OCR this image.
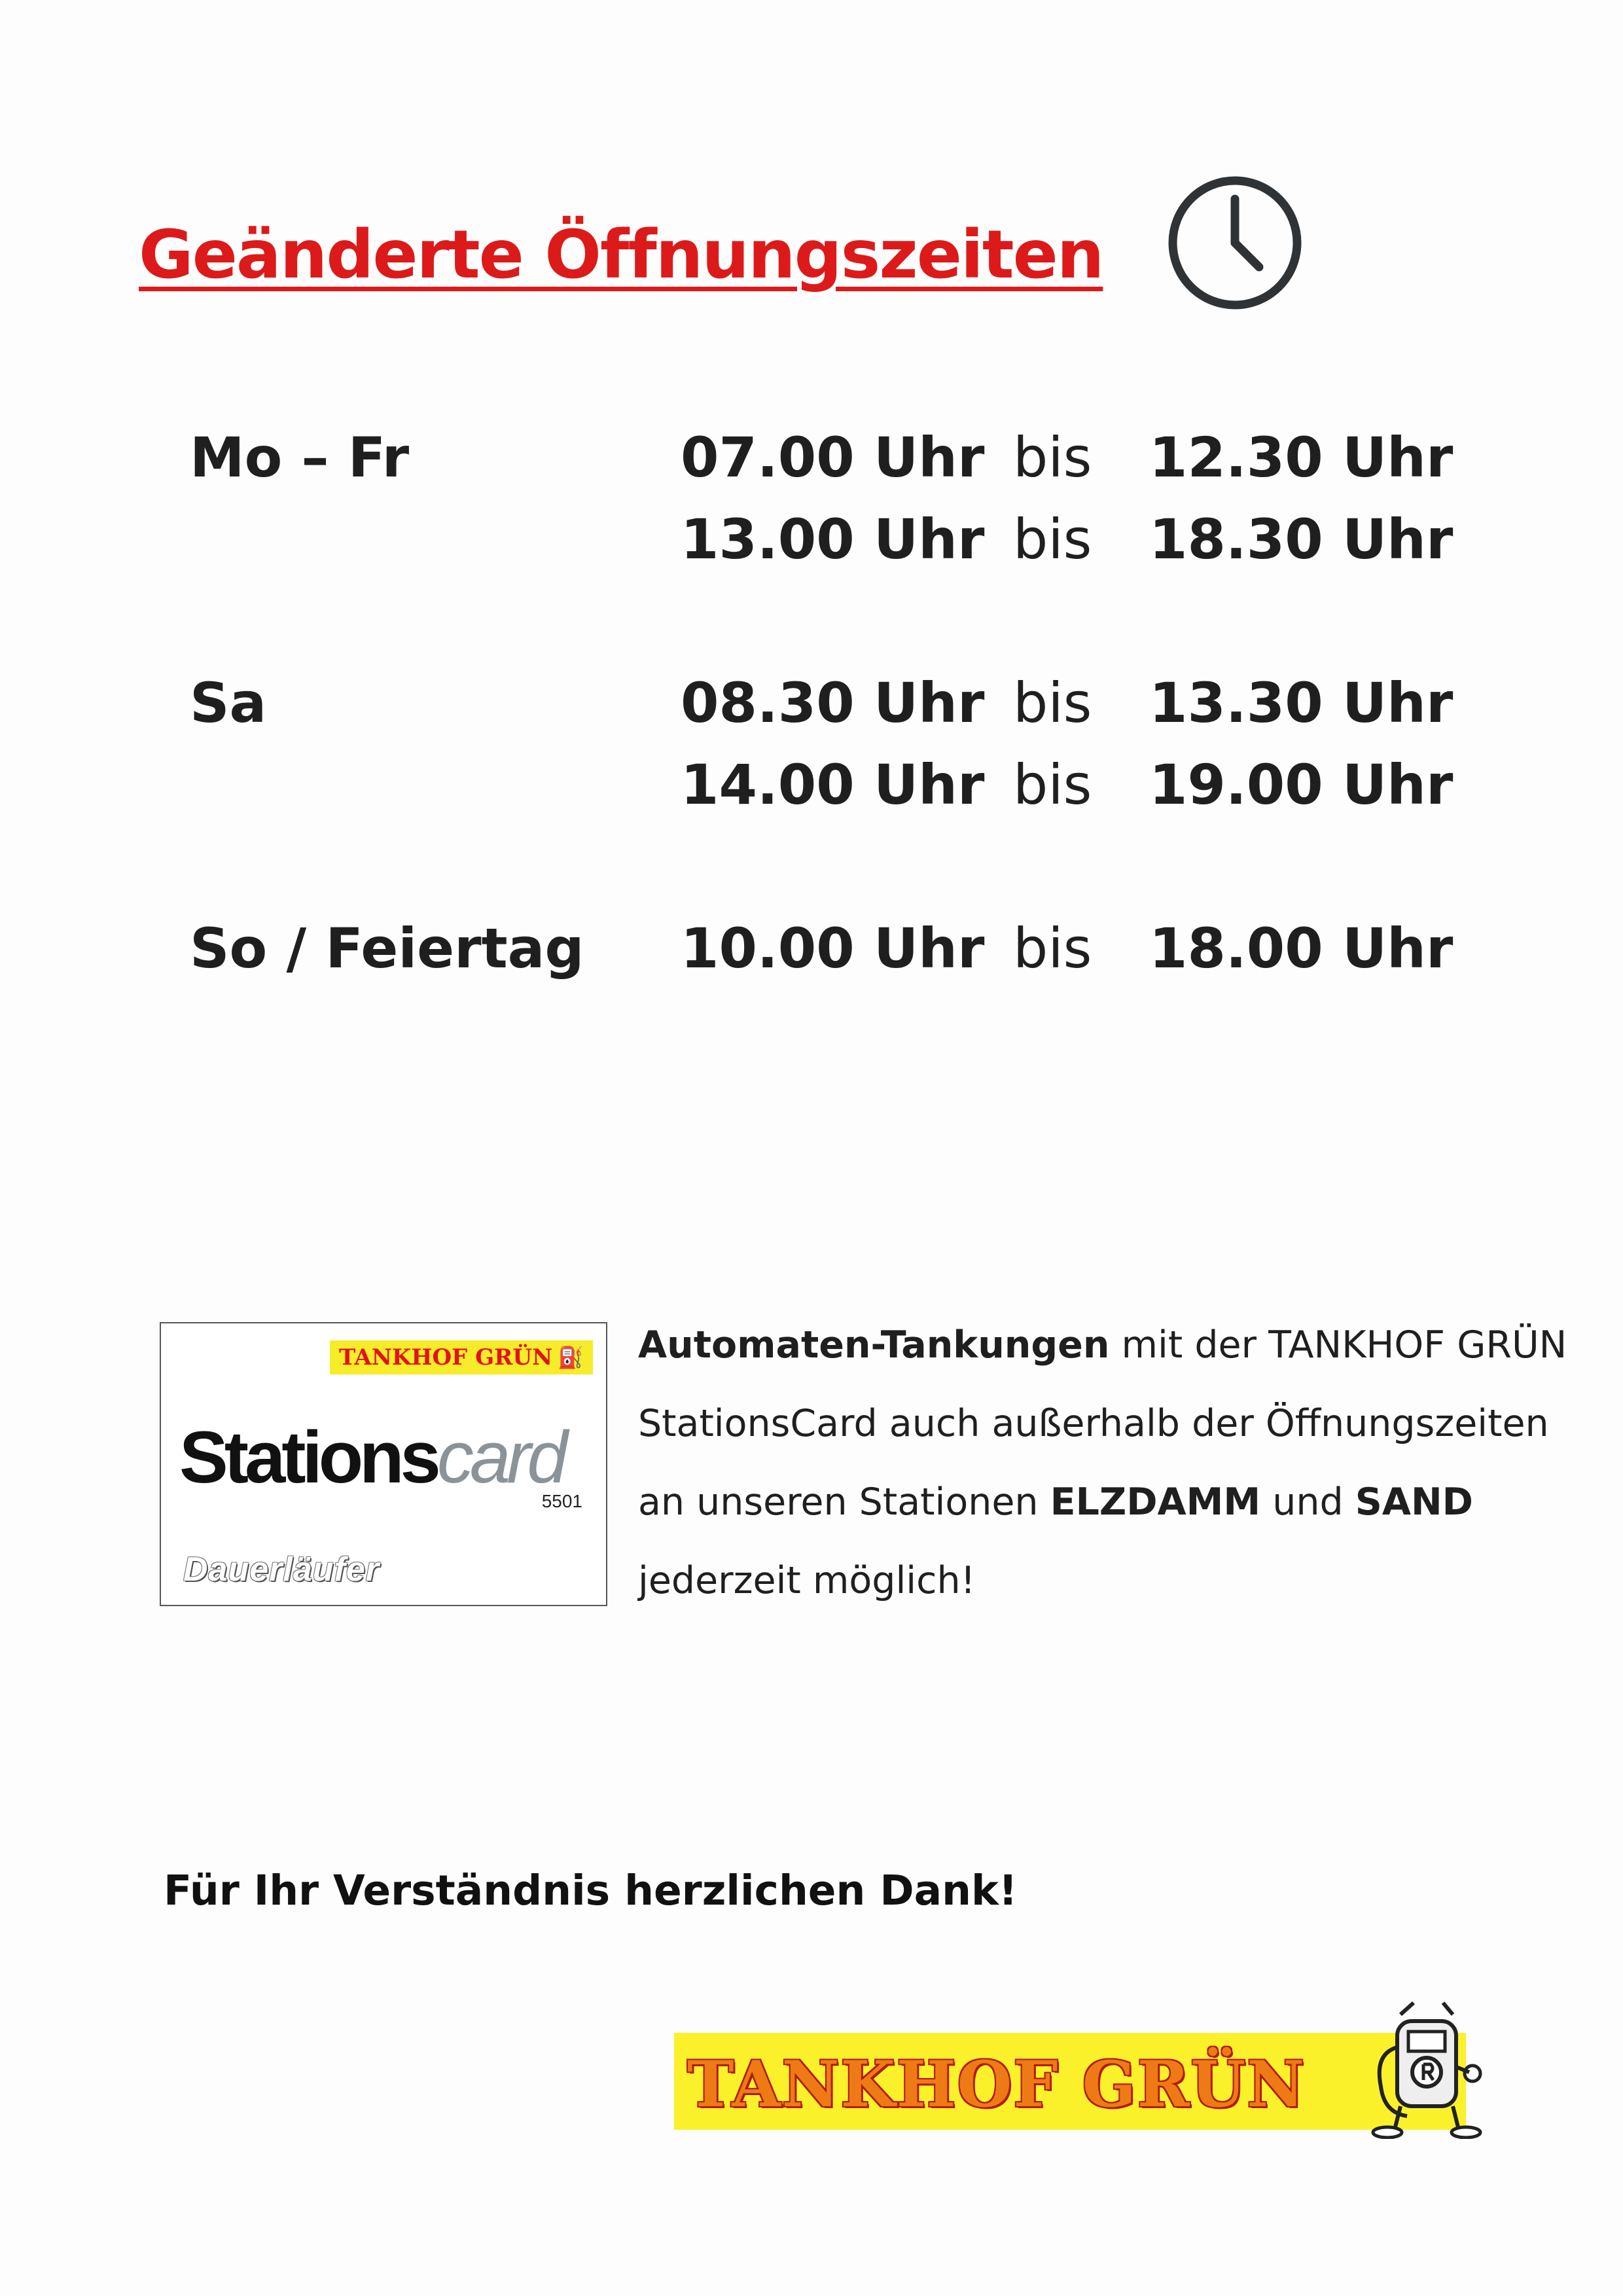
Geänderte Öffnungszeiten
Mo – Fr	07.00 Uhr bis 12.30 Uhr
13.00 Uhr bis 18.30 Uhr
Sa	08.30 Uhr bis 13.30 Uhr
14.00 Uhr bis 19.00 Uhr
So / Feiertag 10.00 Uhr bis 18.00 Uhr
TANKHOF GRÜN ⛽
Stationscard
5501
Dauerläufer
Automaten-Tankungen mit der TANKHOF GRÜN
StationsCard auch außerhalb der Öffnungszeiten
an unseren Stationen ELZDAMM und SAND
jederzeit möglich!
Für Ihr Verständnis herzlichen Dank!
TANKHOF GRÜN
